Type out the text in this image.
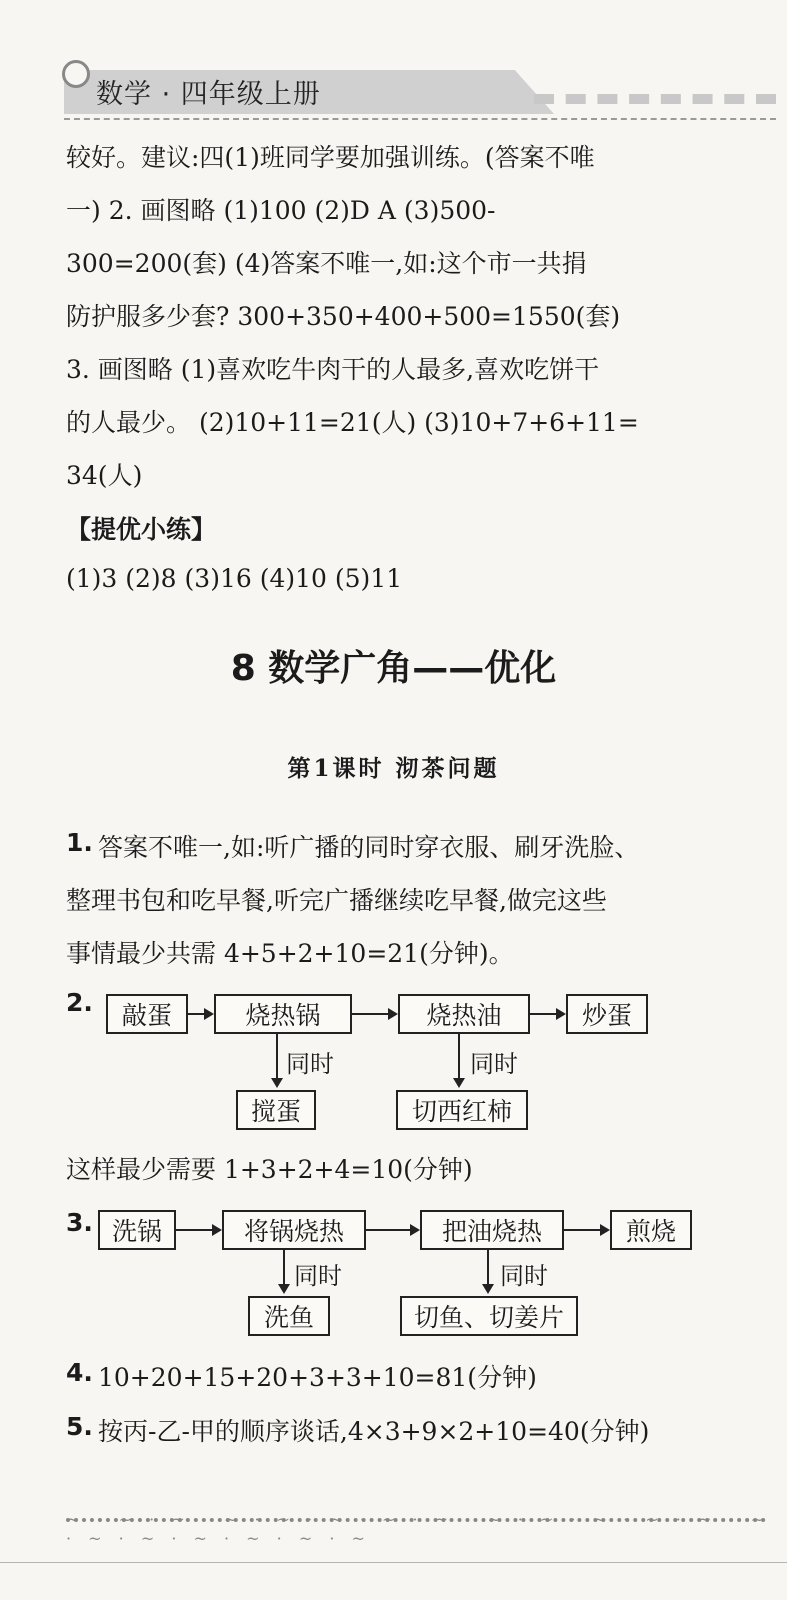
数学 · 四年级上册
较好。建议:四(1)班同学要加强训练。(答案不唯
一) 2. 画图略 (1)100 (2)D A (3)500-
300=200(套) (4)答案不唯一,如:这个市一共捐
防护服多少套? 300+350+400+500=1550(套)
3. 画图略 (1)喜欢吃牛肉干的人最多,喜欢吃饼干
的人最少。 (2)10+11=21(人) (3)10+7+6+11=
34(人)
【提优小练】
(1)3 (2)8 (3)16 (4)10 (5)11
8 数学广角——优化
第1课时 沏茶问题
1. 答案不唯一,如:听广播的同时穿衣服、刷牙洗脸、
整理书包和吃早餐,听完广播继续吃早餐,做完这些
事情最少共需 4+5+2+10=21(分钟)。
2.	敲蛋	烧热锅	烧热油	炒蛋
同时	同时
搅蛋	切西红柿
这样最少需要 1+3+2+4=10(分钟)
3. 洗锅	将锅烧热	把油烧热	煎烧
同时	同时
洗鱼	切鱼、切姜片
4. 10+20+15+20+3+3+10=81(分钟)
5. 按丙-乙-甲的顺序谈话,4×3+9×2+10=40(分钟)
~ · ~ · ~ · ~ · ~ · ~ · ~ · ~ · ~ · ~ · ~ · ~ · ~ · ~ · ~ · ~ · ~ · ~ · ~ · ~
